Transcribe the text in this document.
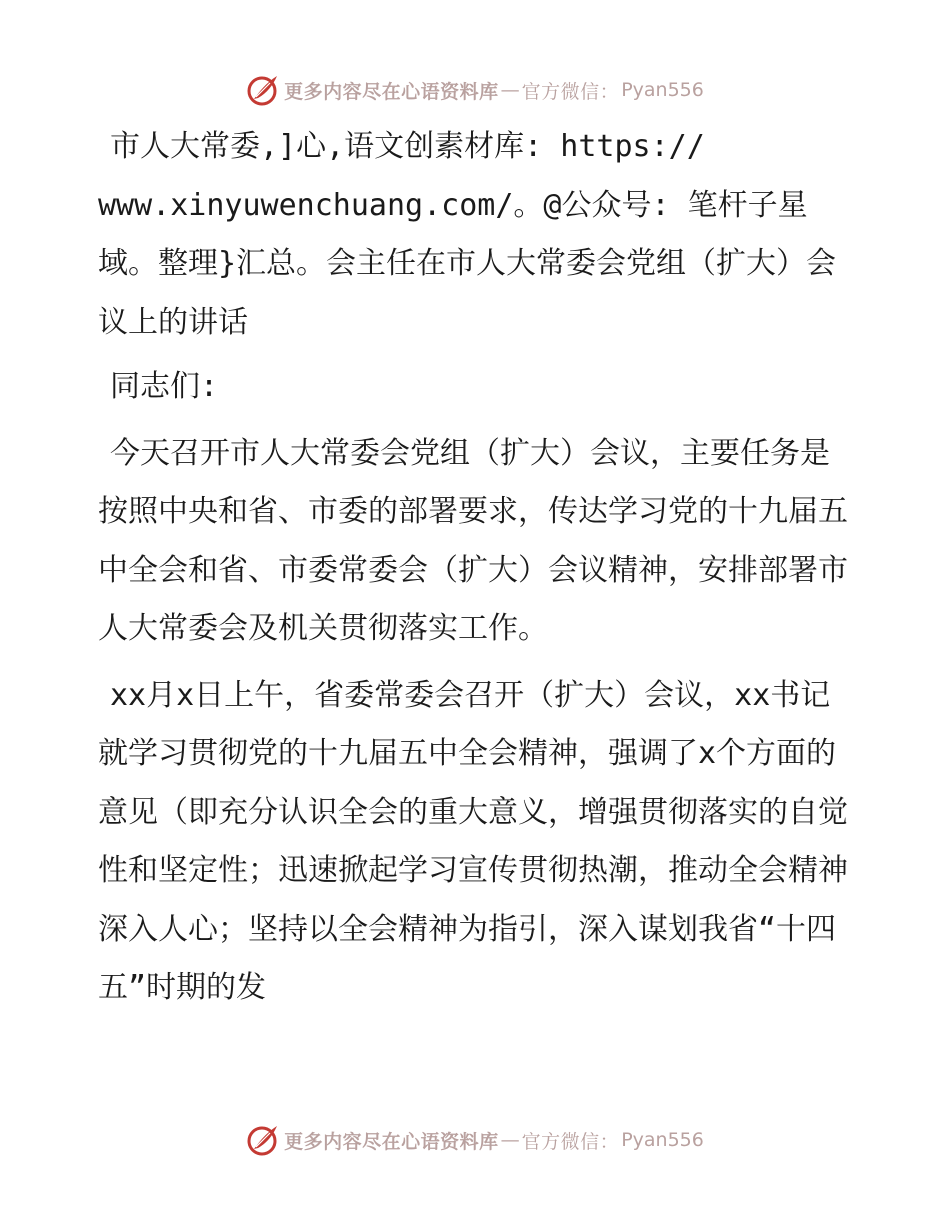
更多内容尽在心语资料库 — 官方微信： Pyan556

市人大常委,]心,语文创素材库: https:// www.xinyuwenchuang.com/。@公众号: 笔杆子星域。整理}汇总。会主任在市人大常委会党组（扩大）会议上的讲话

同志们:

今天召开市人大常委会党组（扩大）会议，主要任务是按照中央和省、市委的部署要求，传达学习党的十九届五中全会和省、市委常委会（扩大）会议精神，安排部署市人大常委会及机关贯彻落实工作。

xx月x日上午，省委常委会召开（扩大）会议，xx书记就学习贯彻党的十九届五中全会精神，强调了x个方面的意见（即充分认识全会的重大意义，增强贯彻落实的自觉性和坚定性；迅速掀起学习宣传贯彻热潮，推动全会精神深入人心；坚持以全会精神为指引，深入谋划我省“十四五”时期的发

更多内容尽在心语资料库 — 官方微信： Pyan556
